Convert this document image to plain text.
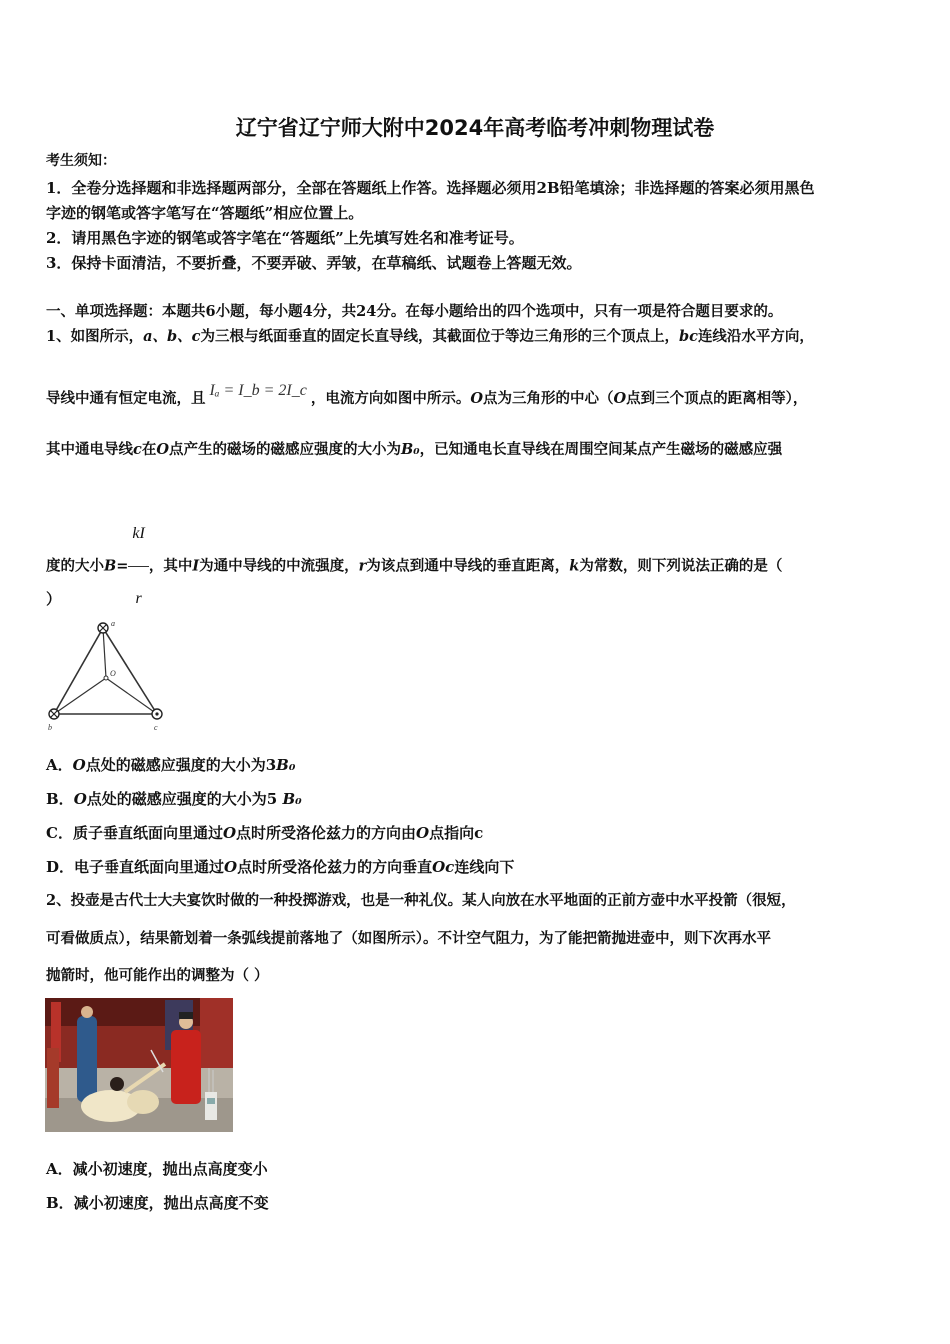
辽宁省辽宁师大附中2024年高考临考冲刺物理试卷
考生须知：
1．全卷分选择题和非选择题两部分，全部在答题纸上作答。选择题必须用2B铅笔填涂；非选择题的答案必须用黑色
字迹的钢笔或答字笔写在“答题纸”相应位置上。
2．请用黑色字迹的钢笔或答字笔在“答题纸”上先填写姓名和准考证号。
3．保持卡面清洁，不要折叠，不要弄破、弄皱，在草稿纸、试题卷上答题无效。
一、单项选择题：本题共6小题，每小题4分，共24分。在每小题给出的四个选项中，只有一项是符合题目要求的。
1、如图所示，a、b、c为三根与纸面垂直的固定长直导线，其截面位于等边三角形的三个顶点上，bc连线沿水平方向，
导线中通有恒定电流，且 Iₐ = I_b = 2I_c ，电流方向如图中所示。O点为三角形的中心（O点到三个顶点的距离相等），
其中通电导线c在O点产生的磁场的磁感应强度的大小为B₀，已知通电长直导线在周围空间某点产生磁场的磁感应强
度的大小$B= \frac{kI}{r}$ ，其中I为通中导线的中流强度，r为该点到通中导线的垂直距离，k为常数，则下列说法正确的是（
）
a
b	c
O
A．O点处的磁感应强度的大小为3B₀
B．O点处的磁感应强度的大小为5 B₀
C．质子垂直纸面向里通过O点时所受洛伦兹力的方向由O点指向c
D．电子垂直纸面向里通过O点时所受洛伦兹力的方向垂直Oc连线向下
2、投壶是古代士大夫宴饮时做的一种投掷游戏，也是一种礼仪。某人向放在水平地面的正前方壶中水平投箭（很短，
可看做质点），结果箭划着一条弧线提前落地了（如图所示）。不计空气阻力，为了能把箭抛进壶中，则下次再水平
抛箭时，他可能作出的调整为（ ）
A．减小初速度，抛出点高度变小
B．减小初速度，抛出点高度不变
